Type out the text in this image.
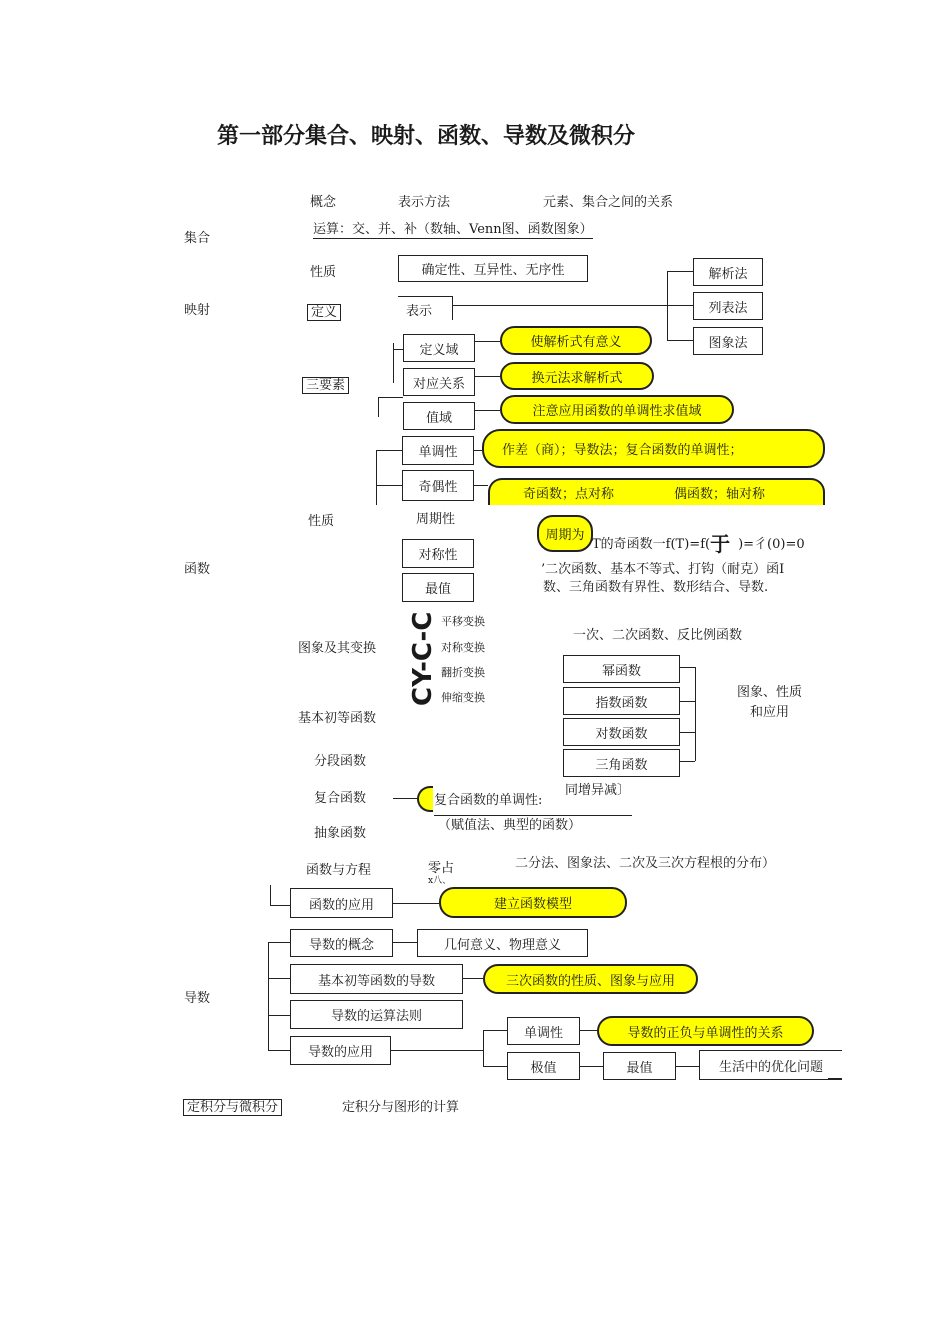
第一部分集合、映射、函数、导数及微积分
集合
映射
函数
导数
定积分与微积分	定积分与图形的计算
概念	表示方法	元素、集合之间的关系
运算：交、并、补（数轴、Venn图、函数图象）
性质	确定性、互异性、无序性
定义	表示
解析法
列表法
图象法
三要素
定义域
对应关系
值域
使解析式有意义
换元法求解析式
注意应用函数的单调性求值域
性质
单调性
奇偶性
周期性
对称性
最值
作差（商）；导数法；复合函数的单调性；
奇函数；点对称	偶函数；轴对称
周期为
T的奇函数一f(T)=f(于 )=彳(0)=0
’二次函数、基本不等式、打钩（耐克）函I
数、三角函数有界性、数形结合、导数.
图象及其变换 CY-C-C 平移变换
对称变换
翻折变换
伸缩变换
基本初等函数
一次、二次函数、反比例函数
幂函数
指数函数
对数函数
三角函数
图象、性质
和应用
分段函数
复合函数	复合函数的单调性:
同增异减〕
抽象函数
（赋值法、典型的函数）
函数与方程	零占
x八、
二分法、图象法、二次及三次方程根的分布）
函数的应用	建立函数模型
导数的概念	几何意义、物理意义
基本初等函数的导数	三次函数的性质、图象与应用
导数的运算法则
导数的应用
单调性	导数的正负与单调性的关系
极值	最值	生活中的优化问题
